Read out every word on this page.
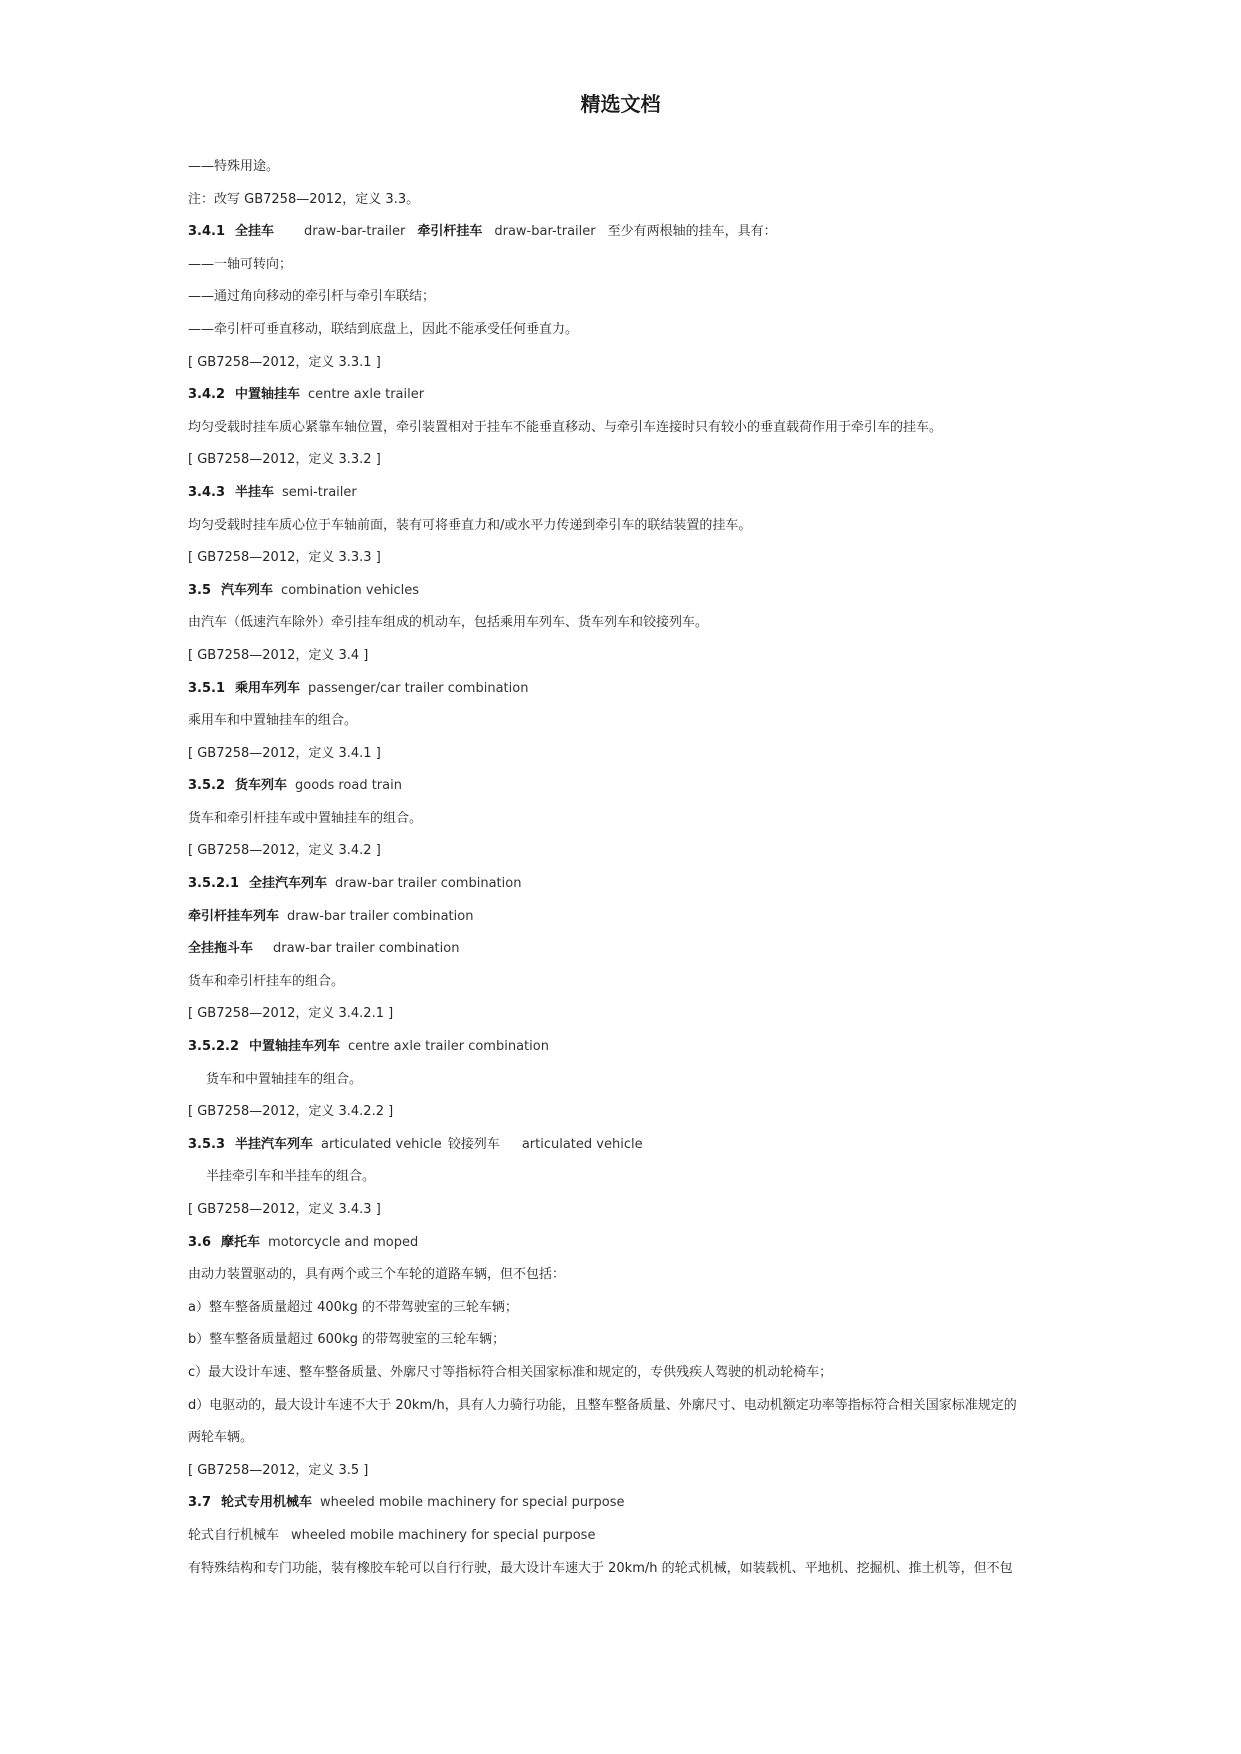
精选文档
——特殊用途。
注：改写 GB7258—2012，定义 3.3。
3.4.1 全挂车 draw-bar-trailer 牵引杆挂车 draw-bar-trailer 至少有两根轴的挂车，具有：
——一轴可转向；
——通过角向移动的牵引杆与牵引车联结；
——牵引杆可垂直移动，联结到底盘上，因此不能承受任何垂直力。
[ GB7258—2012，定义 3.3.1 ]
3.4.2 中置轴挂车 centre axle trailer
均匀受载时挂车质心紧靠车轴位置，牵引装置相对于挂车不能垂直移动、与牵引车连接时只有较小的垂直载荷作用于牵引车的挂车。
[ GB7258—2012，定义 3.3.2 ]
3.4.3 半挂车 semi-trailer
均匀受载时挂车质心位于车轴前面，装有可将垂直力和/或水平力传递到牵引车的联结装置的挂车。
[ GB7258—2012，定义 3.3.3 ]
3.5 汽车列车 combination vehicles
由汽车（低速汽车除外）牵引挂车组成的机动车，包括乘用车列车、货车列车和铰接列车。
[ GB7258—2012，定义 3.4 ]
3.5.1 乘用车列车 passenger/car trailer combination
乘用车和中置轴挂车的组合。
[ GB7258—2012，定义 3.4.1 ]
3.5.2 货车列车 goods road train
货车和牵引杆挂车或中置轴挂车的组合。
[ GB7258—2012，定义 3.4.2 ]
3.5.2.1 全挂汽车列车 draw-bar trailer combination
牵引杆挂车列车 draw-bar trailer combination
全挂拖斗车 draw-bar trailer combination
货车和牵引杆挂车的组合。
[ GB7258—2012，定义 3.4.2.1 ]
3.5.2.2 中置轴挂车列车 centre axle trailer combination
货车和中置轴挂车的组合。
[ GB7258—2012，定义 3.4.2.2 ]
3.5.3 半挂汽车列车 articulated vehicle 铰接列车 articulated vehicle
半挂牵引车和半挂车的组合。
[ GB7258—2012，定义 3.4.3 ]
3.6 摩托车 motorcycle and moped
由动力装置驱动的，具有两个或三个车轮的道路车辆，但不包括：
a）整车整备质量超过 400kg 的不带驾驶室的三轮车辆；
b）整车整备质量超过 600kg 的带驾驶室的三轮车辆；
c）最大设计车速、整车整备质量、外廓尺寸等指标符合相关国家标准和规定的，专供残疾人驾驶的机动轮椅车；
d）电驱动的，最大设计车速不大于 20km/h，具有人力骑行功能，且整车整备质量、外廓尺寸、电动机额定功率等指标符合相关国家标准规定的
两轮车辆。
[ GB7258—2012，定义 3.5 ]
3.7 轮式专用机械车 wheeled mobile machinery for special purpose
轮式自行机械车 wheeled mobile machinery for special purpose
有特殊结构和专门功能，装有橡胶车轮可以自行行驶，最大设计车速大于 20km/h 的轮式机械，如装载机、平地机、挖掘机、推土机等，但不包
